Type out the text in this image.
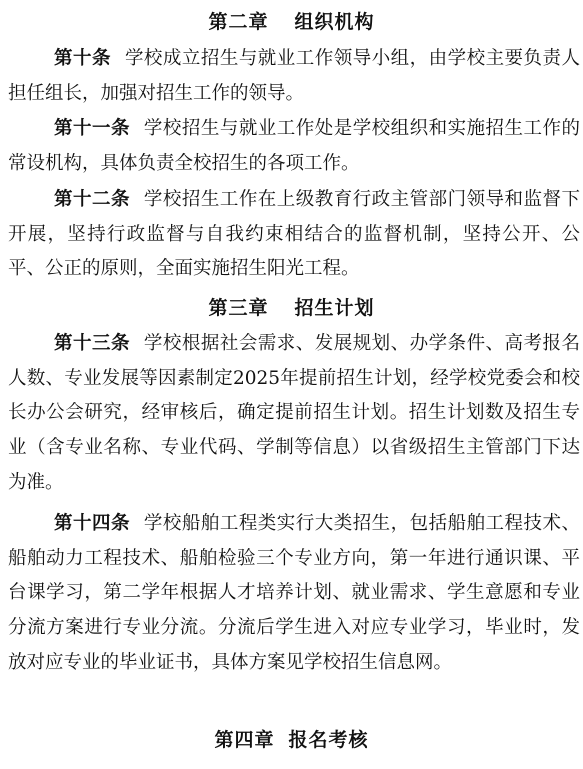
第二章 组织机构
第十条 学校成立招生与就业工作领导小组，由学校主要负责人担任组长，加强对招生工作的领导。
第十一条 学校招生与就业工作处是学校组织和实施招生工作的常设机构，具体负责全校招生的各项工作。
第十二条 学校招生工作在上级教育行政主管部门领导和监督下开展，坚持行政监督与自我约束相结合的监督机制，坚持公开、公平、公正的原则，全面实施招生阳光工程。
第三章 招生计划
第十三条 学校根据社会需求、发展规划、办学条件、高考报名人数、专业发展等因素制定2025年提前招生计划，经学校党委会和校长办公会研究，经审核后，确定提前招生计划。招生计划数及招生专业（含专业名称、专业代码、学制等信息）以省级招生主管部门下达为准。
第十四条 学校船舶工程类实行大类招生，包括船舶工程技术、船舶动力工程技术、船舶检验三个专业方向，第一年进行通识课、平台课学习，第二学年根据人才培养计划、就业需求、学生意愿和专业分流方案进行专业分流。分流后学生进入对应专业学习，毕业时，发放对应专业的毕业证书，具体方案见学校招生信息网。
第四章 报名考核
